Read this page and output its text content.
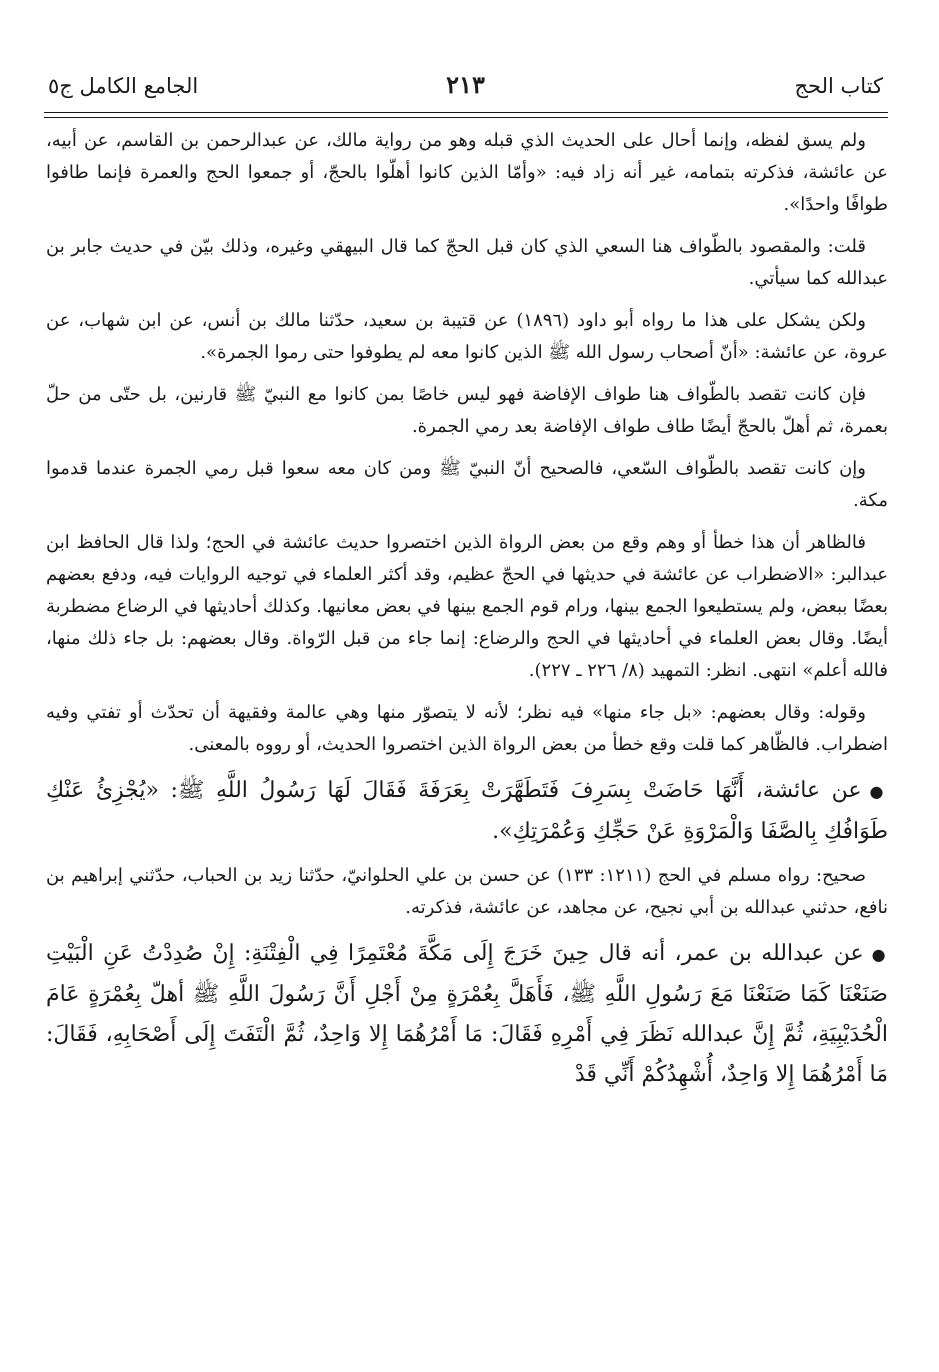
كتاب الحج
٢١٣
الجامع الكامل ج٥

ولم يسق لفظه، وإنما أحال على الحديث الذي قبله وهو من رواية مالك، عن عبدالرحمن بن القاسم، عن أبيه، عن عائشة، فذكرته بتمامه، غير أنه زاد فيه: «وأمّا الذين كانوا أهلّوا بالحجّ، أو جمعوا الحج والعمرة فإنما طافوا طوافًا واحدًا».

قلت: والمقصود بالطّواف هنا السعي الذي كان قبل الحجّ كما قال البيهقي وغيره، وذلك بيّن في حديث جابر بن عبدالله كما سيأتي.

ولكن يشكل على هذا ما رواه أبو داود (١٨٩٦) عن قتيبة بن سعيد، حدّثنا مالك بن أنس، عن ابن شهاب، عن عروة، عن عائشة: «أنّ أصحاب رسول الله ﷺ الذين كانوا معه لم يطوفوا حتى رموا الجمرة».

فإن كانت تقصد بالطّواف هنا طواف الإفاضة فهو ليس خاصًا بمن كانوا مع النبيّ ﷺ قارنين، بل حتّى من حلّ بعمرة، ثم أهلّ بالحجّ أيضًا طاف طواف الإفاضة بعد رمي الجمرة.

وإن كانت تقصد بالطّواف السّعي، فالصحيح أنّ النبيّ ﷺ ومن كان معه سعوا قبل رمي الجمرة عندما قدموا مكة.

فالظاهر أن هذا خطأ أو وهم وقع من بعض الرواة الذين اختصروا حديث عائشة في الحج؛ ولذا قال الحافظ ابن عبدالبر: «الاضطراب عن عائشة في حديثها في الحجّ عظيم، وقد أكثر العلماء في توجيه الروايات فيه، ودفع بعضهم بعضًا ببعض، ولم يستطيعوا الجمع بينها، ورام قوم الجمع بينها في بعض معانيها. وكذلك أحاديثها في الرضاع مضطربة أيضًا. وقال بعض العلماء في أحاديثها في الحج والرضاع: إنما جاء من قبل الرّواة. وقال بعضهم: بل جاء ذلك منها، فالله أعلم» انتهى. انظر: التمهيد (٨/ ٢٢٦ ـ ٢٢٧).

وقوله: وقال بعضهم: «بل جاء منها» فيه نظر؛ لأنه لا يتصوّر منها وهي عالمة وفقيهة أن تحدّث أو تفتي وفيه اضطراب. فالظّاهر كما قلت وقع خطأ من بعض الرواة الذين اختصروا الحديث، أو رووه بالمعنى.

●عن عائشة، أَنَّهَا حَاضَتْ بِسَرِفَ فَتَطَهَّرَتْ بِعَرَفَةَ فَقَالَ لَهَا رَسُولُ اللَّهِ ﷺ: «يُجْزِئُ عَنْكِ طَوَافُكِ بِالصَّفَا وَالْمَرْوَةِ عَنْ حَجِّكِ وَعُمْرَتِكِ».

صحيح: رواه مسلم في الحج (١٢١١: ١٣٣) عن حسن بن علي الحلوانيّ، حدّثنا زيد بن الحباب، حدّثني إبراهيم بن نافع، حدثني عبدالله بن أبي نجيح، عن مجاهد، عن عائشة، فذكرته.

●عن عبدالله بن عمر، أنه قال حِينَ خَرَجَ إِلَى مَكَّةَ مُعْتَمِرًا فِي الْفِتْنَةِ: إِنْ صُدِدْتُ عَنِ الْبَيْتِ صَنَعْنَا كَمَا صَنَعْنَا مَعَ رَسُولِ اللَّهِ ﷺ، فَأَهَلَّ بِعُمْرَةٍ مِنْ أَجْلِ أَنَّ رَسُولَ اللَّهِ ﷺ أهلّ بِعُمْرَةٍ عَامَ الْحُدَيْبِيَةِ، ثُمَّ إِنَّ عبدالله نَظَرَ فِي أَمْرِهِ فَقَالَ: مَا أَمْرُهُمَا إِلا وَاحِدٌ، ثُمَّ الْتَفَتَ إِلَى أَصْحَابِهِ، فَقَالَ: مَا أَمْرُهُمَا إِلا وَاحِدٌ، أُشْهِدُكُمْ أَنِّي قَدْ
